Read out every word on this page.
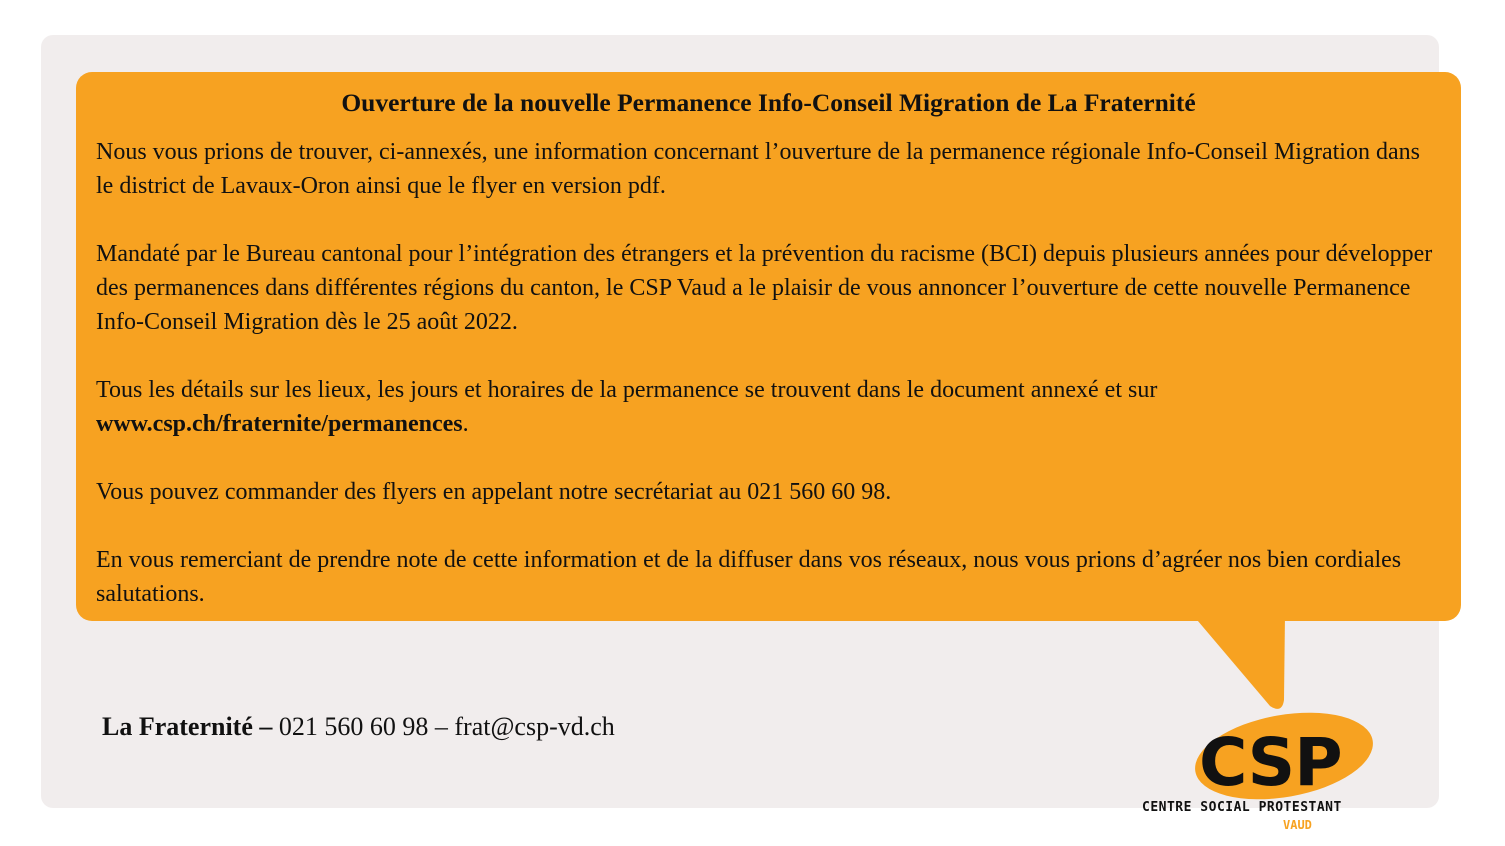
Ouverture de la nouvelle Permanence Info-Conseil Migration de La Fraternité
Nous vous prions de trouver, ci-annexés, une information concernant l’ouverture de la permanence régionale Info-Conseil Migration dans le district de Lavaux-Oron ainsi que le flyer en version pdf.
Mandaté par le Bureau cantonal pour l’intégration des étrangers et la prévention du racisme (BCI) depuis plusieurs années pour développer des permanences dans différentes régions du canton, le CSP Vaud a le plaisir de vous annoncer l’ouverture de cette nouvelle Permanence Info-Conseil Migration dès le 25 août 2022.
Tous les détails sur les lieux, les jours et horaires de la permanence se trouvent dans le document annexé et sur www.csp.ch/fraternite/permanences.
Vous pouvez commander des flyers en appelant notre secrétariat au 021 560 60 98.
En vous remerciant de prendre note de cette information et de la diffuser dans vos réseaux, nous vous prions d’agréer nos bien cordiales salutations.
La Fraternité – 021 560 60 98 – frat@csp-vd.ch	CSP
CENTRE SOCIAL PROTESTANT
VAUD
